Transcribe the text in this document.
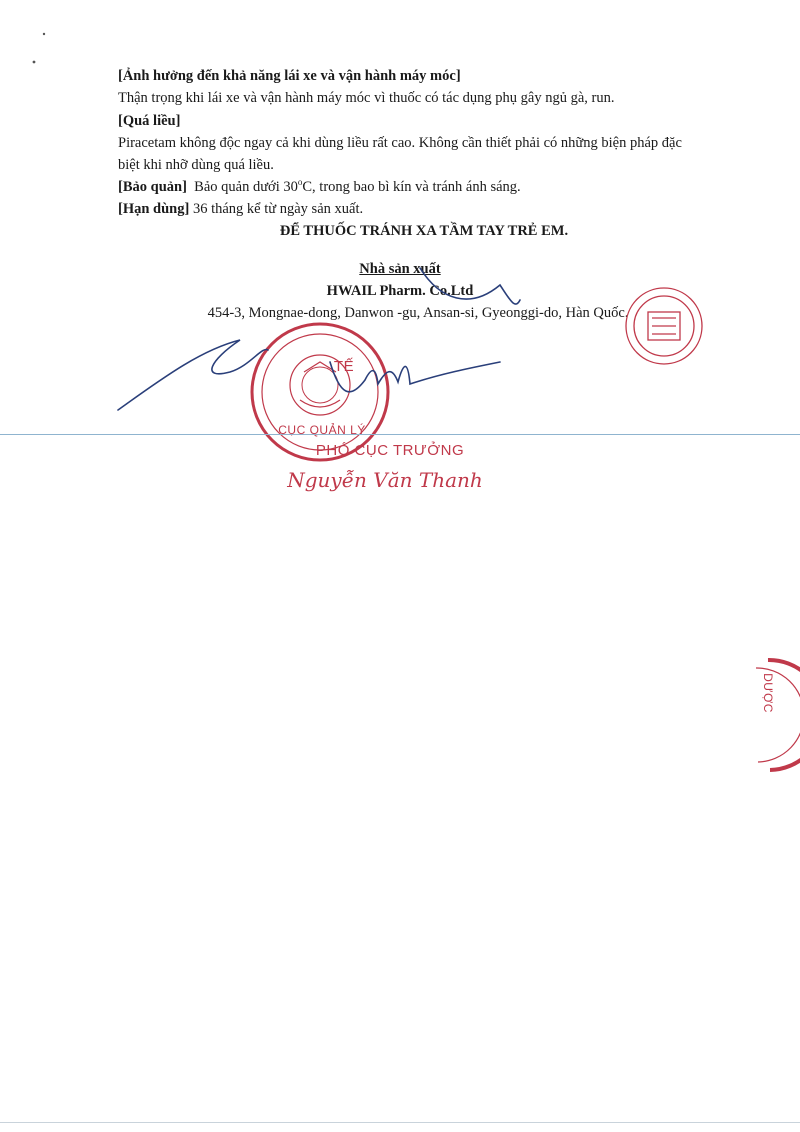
[Ảnh hưởng đến khả năng lái xe và vận hành máy móc]
Thận trọng khi lái xe và vận hành máy móc vì thuốc có tác dụng phụ gây ngủ gà, run.
[Quá liều]
Piracetam không độc ngay cả khi dùng liều rất cao. Không cần thiết phải có những biện pháp đặc
biệt khi nhỡ dùng quá liều.
[Bảo quản] Bảo quản dưới 30$^o$C, trong bao bì kín và tránh ánh sáng.
[Hạn dùng] 36 tháng kể từ ngày sản xuất.
ĐỂ THUỐC TRÁNH XA TẦM TAY TRẺ EM.
Nhà sản xuất
HWAIL Pharm. Co.Ltd
454-3, Mongnae-dong, Danwon -gu, Ansan-si, Gyeonggi-do, Hàn Quốc.
TẾ
CỤC QUẢN LÝ
DƯỢC
PHÓ CỤC TRƯỞNG
Nguyễn Văn Thanh
